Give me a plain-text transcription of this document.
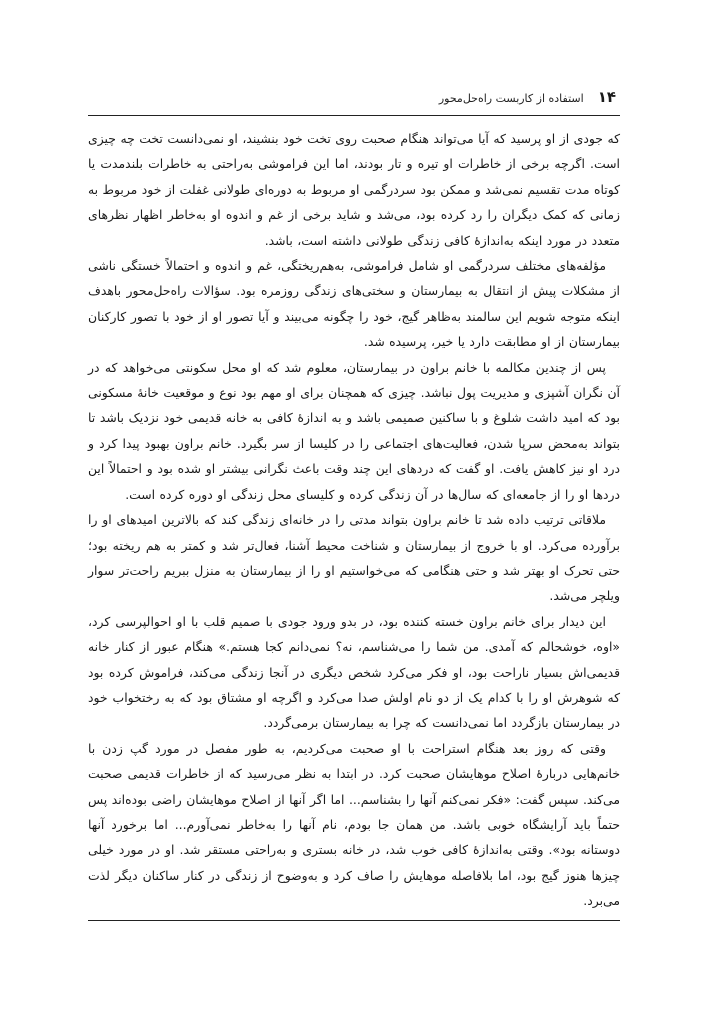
۱۴
استفاده از کاربست راه‌حل‌محور

که جودی از او پرسید که آیا می‌تواند هنگام صحبت روی تخت خود بنشیند، او نمی‌دانست تخت چه چیزی است. اگرچه برخی از خاطرات او تیره و تار بودند، اما این فراموشی به‌راحتی به خاطرات بلندمدت یا کوتاه مدت تقسیم نمی‌شد و ممکن بود سردرگمی او مربوط به دوره‌ای طولانی غفلت از خود مربوط به زمانی که کمک دیگران را رد کرده بود، می‌شد و شاید برخی از غم و اندوه او به‌خاطر اظهار نظرهای متعدد در مورد اینکه به‌اندازهٔ کافی زندگی طولانی داشته است، باشد.

مؤلفه‌های مختلف سردرگمی او شامل فراموشی، به‌هم‌ریختگی، غم و اندوه و احتمالاً خستگی ناشی از مشکلات پیش از انتقال به بیمارستان و سختی‌های زندگی روزمره بود. سؤالات راه‌حل‌محور باهدف اینکه متوجه شویم این سالمند به‌ظاهر گیج، خود را چگونه می‌بیند و آیا تصور او از خود با تصور کارکنان بیمارستان از او مطابقت دارد یا خیر، پرسیده شد.

پس از چندین مکالمه با خانم براون در بیمارستان، معلوم شد که او محل سکونتی می‌خواهد که در آن نگران آشپزی و مدیریت پول نباشد. چیزی که همچنان برای او مهم بود نوع و موقعیت خانهٔ مسکونی بود که امید داشت شلوغ و با ساکنین صمیمی باشد و به اندازهٔ کافی به خانه قدیمی خود نزدیک باشد تا بتواند به‌محض سرپا شدن، فعالیت‌های اجتماعی را در کلیسا از سر بگیرد. خانم براون بهبود پیدا کرد و درد او نیز کاهش یافت. او گفت که دردهای این چند وقت باعث نگرانی بیشتر او شده بود و احتمالاً این دردها او را از جامعه‌ای که سال‌ها در آن زندگی کرده و کلیسای محل زندگی او دوره کرده است.

ملاقاتی ترتیب داده شد تا خانم براون بتواند مدتی را در خانه‌ای زندگی کند که بالاترین امیدهای او را برآورده می‌کرد. او با خروج از بیمارستان و شناخت محیط آشنا، فعال‌تر شد و کمتر به هم ریخته بود؛ حتی تحرک او بهتر شد و حتی هنگامی که می‌خواستیم او را از بیمارستان به منزل ببریم راحت‌تر سوار ویلچر می‌شد.

این دیدار برای خانم براون خسته کننده بود، در بدو ورود جودی با صمیم قلب با او احوالپرسی کرد، «اوه، خوشحالم که آمدی. من شما را می‌شناسم، نه؟ نمی‌دانم کجا هستم.» هنگام عبور از کنار خانه قدیمی‌اش بسیار ناراحت بود، او فکر می‌کرد شخص دیگری در آنجا زندگی می‌کند، فراموش کرده بود که شوهرش او را با کدام یک از دو نام اولش صدا می‌کرد و اگرچه او مشتاق بود که به رختخواب خود در بیمارستان بازگردد اما نمی‌دانست که چرا به بیمارستان برمی‌گردد.

وقتی که روز بعد هنگام استراحت با او صحبت می‌کردیم، به طور مفصل در مورد گپ زدن با خانم‌هایی دربارهٔ اصلاح موهایشان صحبت کرد. در ابتدا به نظر می‌رسید که از خاطرات قدیمی صحبت می‌کند. سپس گفت: «فکر نمی‌کنم آنها را بشناسم... اما اگر آنها از اصلاح موهایشان راضی بوده‌اند پس حتماً باید آرایشگاه خوبی باشد. من همان جا بودم، نام آنها را به‌خاطر نمی‌آورم... اما برخورد آنها دوستانه بود». وقتی به‌اندازهٔ کافی خوب شد، در خانه بستری و به‌راحتی مستقر شد. او در مورد خیلی چیزها هنوز گیج بود، اما بلافاصله موهایش را صاف کرد و به‌وضوح از زندگی در کنار ساکنان دیگر لذت می‌برد.
